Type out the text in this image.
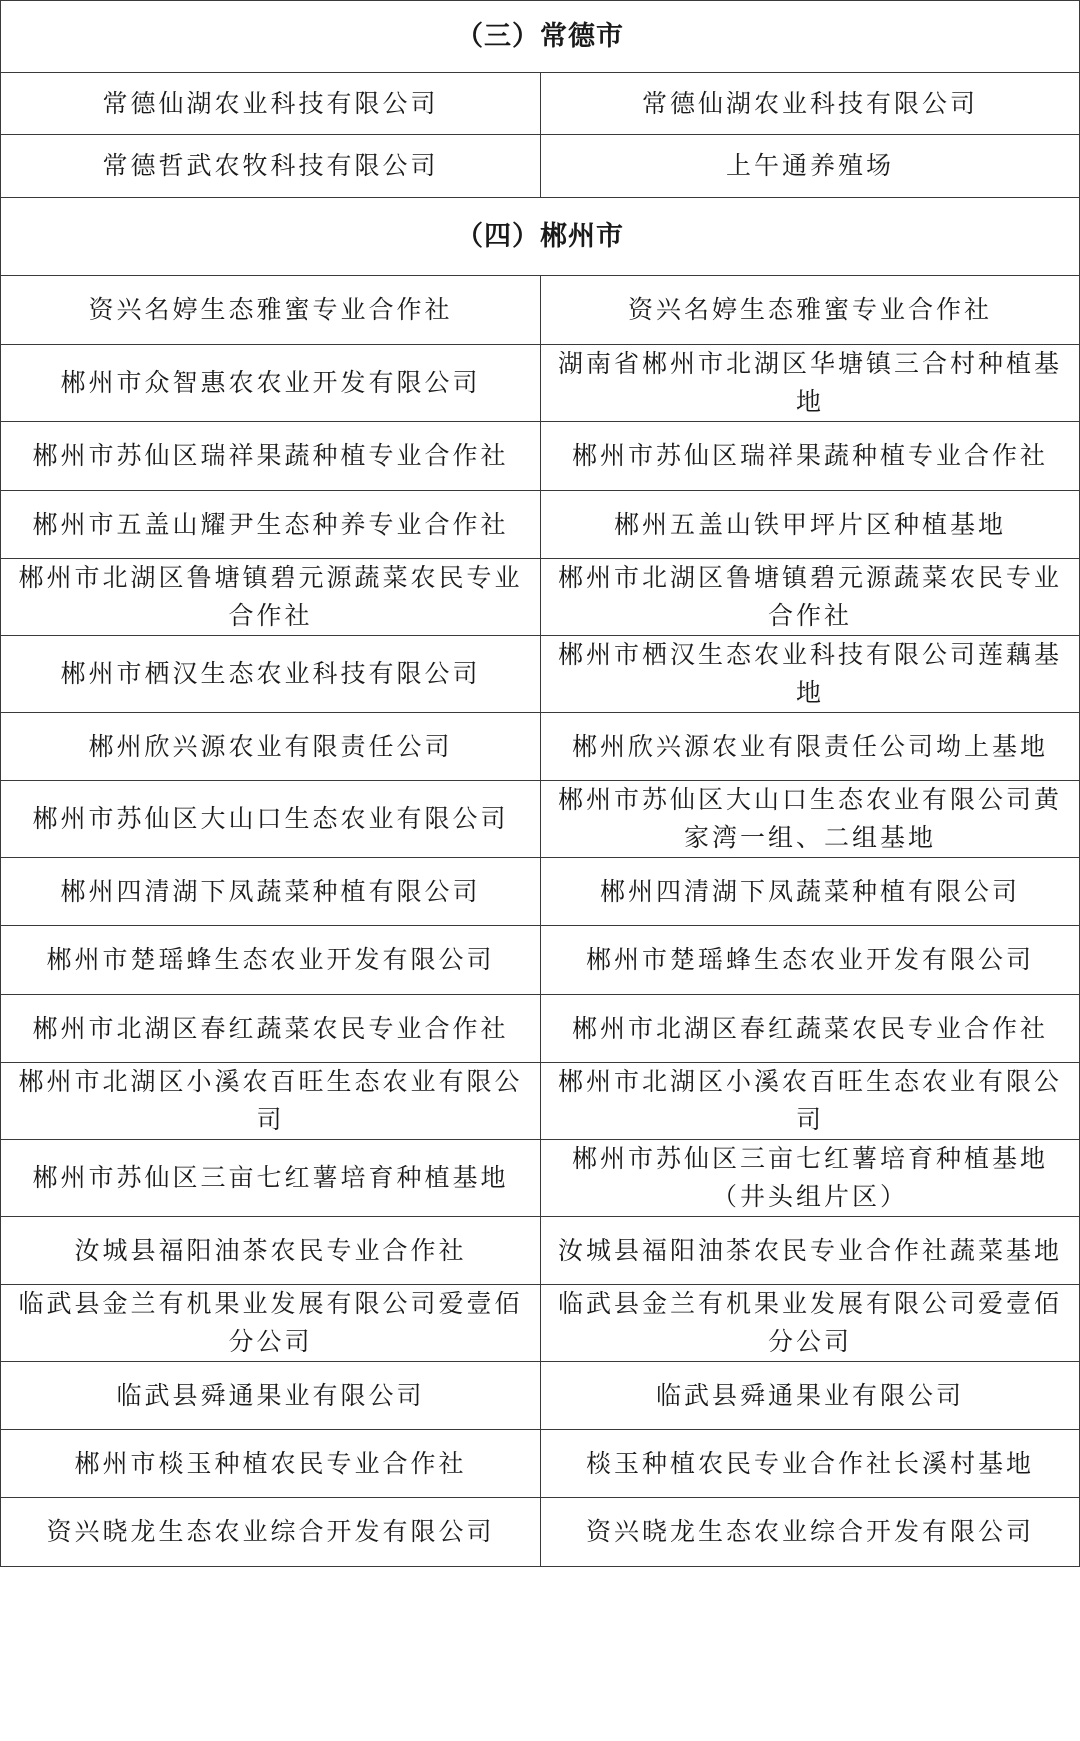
（三）常德市	
常德仙湖农业科技有限公司	常德仙湖农业科技有限公司
常德哲武农牧科技有限公司	上午通养殖场
（四）郴州市	
资兴名婷生态雅蜜专业合作社	资兴名婷生态雅蜜专业合作社
郴州市众智惠农农业开发有限公司	湖南省郴州市北湖区华塘镇三合村种植基地
郴州市苏仙区瑞祥果蔬种植专业合作社	郴州市苏仙区瑞祥果蔬种植专业合作社
郴州市五盖山耀尹生态种养专业合作社	郴州五盖山铁甲坪片区种植基地
郴州市北湖区鲁塘镇碧元源蔬菜农民专业合作社	郴州市北湖区鲁塘镇碧元源蔬菜农民专业合作社
郴州市栖汉生态农业科技有限公司	郴州市栖汉生态农业科技有限公司莲藕基地
郴州欣兴源农业有限责任公司	郴州欣兴源农业有限责任公司坳上基地
郴州市苏仙区大山口生态农业有限公司	郴州市苏仙区大山口生态农业有限公司黄家湾一组、二组基地
郴州四清湖下凤蔬菜种植有限公司	郴州四清湖下凤蔬菜种植有限公司
郴州市楚瑶蜂生态农业开发有限公司	郴州市楚瑶蜂生态农业开发有限公司
郴州市北湖区春红蔬菜农民专业合作社	郴州市北湖区春红蔬菜农民专业合作社
郴州市北湖区小溪农百旺生态农业有限公司	郴州市北湖区小溪农百旺生态农业有限公司
郴州市苏仙区三亩七红薯培育种植基地	郴州市苏仙区三亩七红薯培育种植基地（井头组片区）
汝城县福阳油茶农民专业合作社	汝城县福阳油茶农民专业合作社蔬菜基地
临武县金兰有机果业发展有限公司爱壹佰分公司	临武县金兰有机果业发展有限公司爱壹佰分公司
临武县舜通果业有限公司	临武县舜通果业有限公司
郴州市棪玉种植农民专业合作社	棪玉种植农民专业合作社长溪村基地
资兴晓龙生态农业综合开发有限公司	资兴晓龙生态农业综合开发有限公司
